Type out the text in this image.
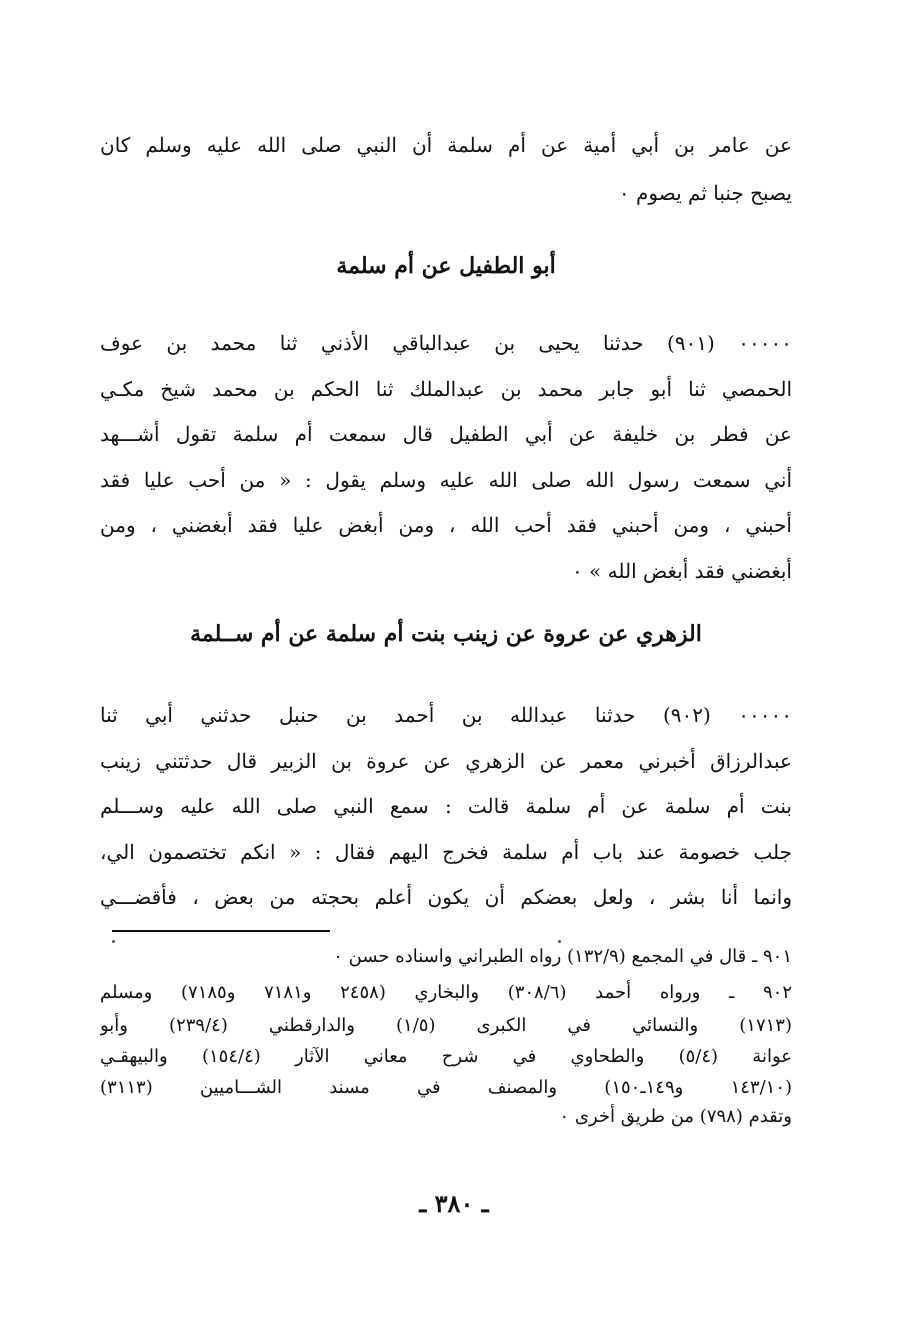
عن عامر بن أبي أمية عن أم سلمة أن النبي صلى الله عليه وسلم كان
يصبح جنبا ثم يصوم ٠
أبو الطفيل عن أم سلمة
٠٠٠٠٠ (٩٠١) حدثنا يحيى بن عبدالباقي الأذني ثنا محمد بن عوف
الحمصي ثنا أبو جابر محمد بن عبدالملك ثنا الحكم بن محمد شيخ مكـي
عن فطر بن خليفة عن أبي الطفيل قال سمعت أم سلمة تقول أشـــهد
أني سمعت رسول الله صلى الله عليه وسلم يقول : « من أحب عليا فقد
أحبني ، ومن أحبني فقد أحب الله ، ومن أبغض عليا فقد أبغضني ، ومن
أبغضني فقد أبغض الله » ٠
الزهري عن عروة عن زينب بنت أم سلمة عن أم ســلمة
٠٠٠٠٠ (٩٠٢) حدثنا عبدالله بن أحمد بن حنبل حدثني أبي ثنا
عبدالرزاق أخبرني معمر عن الزهري عن عروة بن الزبير قال حدثتني زينب
بنت أم سلمة عن أم سلمة قالت : سمع النبي صلى الله عليه وســـلم
جلب خصومة عند باب أم سلمة فخرج اليهم فقال : « انكم تختصمون الي،
وانما أنا بشر ، ولعل بعضكم أن يكون أعلم بحجته من بعض ، فأقضـــي
٩٠١ ـ قال في المجمع (١٣٢/٩) رواه الطبراني واسناده حسن ٠
٩٠٢ ـ ورواه أحمد (٣٠٨/٦) والبخاري (٢٤٥٨ و٧١٨١ و٧١٨٥) ومسلم
(١٧١٣) والنسائي في الكبرى (١/٥) والدارقطني (٢٣٩/٤) وأبو
عوانة (٥/٤) والطحاوي في شرح معاني الآثار (١٥٤/٤) والبيهقـي
(١٤٣/١٠ و١٤٩ـ١٥٠) والمصنف في مسند الشـــاميين (٣١١٣)
وتقدم (٧٩٨) من طريق أخرى ٠
ـ ٣٨٠ ـ
